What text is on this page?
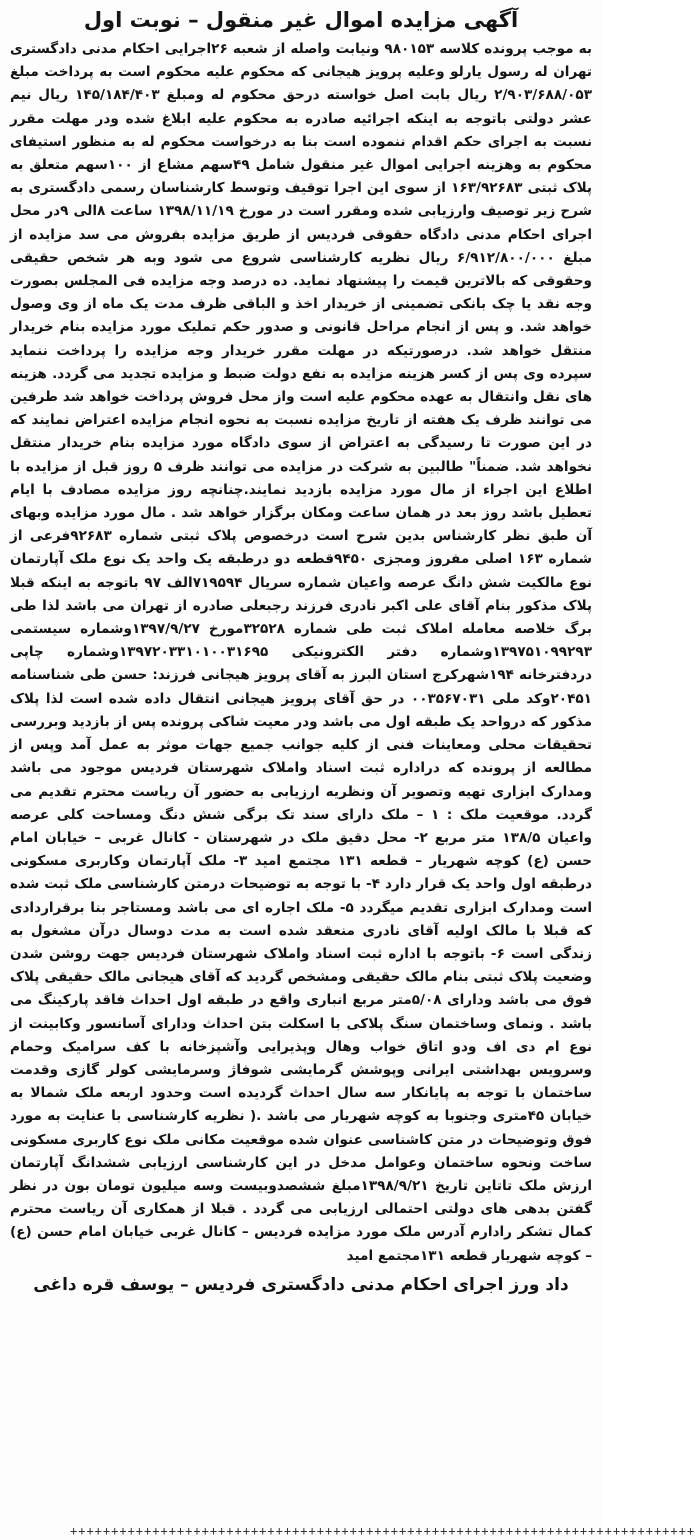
آگهی مزایده اموال غیر منقول – نوبت اول

به موجب پرونده کلاسه ۹۸۰۱۵۳ ونیابت واصله از شعبه ۲۶اجرایی احکام مدنی دادگستری تهران له رسول یارلو وعلیه پرویز هیجانی که محکوم علیه محکوم است به پرداخت مبلغ ۲/۹۰۳/۶۸۸/۰۵۳ ریال بابت اصل خواسته درحق محکوم له ومبلغ ۱۴۵/۱۸۴/۴۰۳ ریال نیم عشر دولتی باتوجه به اینکه اجرائیه صادره به محکوم علیه ابلاغ شده ودر مهلت مقرر نسبت به اجرای حکم اقدام ننموده است بنا به درخواست محکوم له به منظور استیفای محکوم به وهزینه اجرایی اموال غیر منقول شامل ۴۹سهم مشاع از ۱۰۰سهم متعلق به پلاک ثبتی ۱۶۳/۹۲۶۸۳ از سوی این اجرا توقیف وتوسط کارشناسان رسمی دادگستری به شرح زیر توصیف وارزیابی شده ومقرر است در مورخ ۱۳۹۸/۱۱/۱۹ ساعت ۸الی ۹در محل اجرای احکام مدنی دادگاه حقوقی فردیس از طریق مزایده بفروش می سد مزایده از مبلغ ۶/۹۱۲/۸۰۰/۰۰۰ ریال نظریه کارشناسی شروع می شود وبه هر شخص حقیقی وحقوقی که بالاترین قیمت را پیشنهاد نماید. ده درصد وجه مزایده فی المجلس بصورت وجه نقد یا چک بانکی تضمینی از خریدار اخذ و الباقی ظرف مدت یک ماه از وی وصول خواهد شد. و پس از انجام مراحل قانونی و صدور حکم تملیک مورد مزایده بنام خریدار منتقل خواهد شد. درصورتیکه در مهلت مقرر خریدار وجه مزایده را پرداخت ننماید سپرده وی پس از کسر هزینه مزایده به نفع دولت ضبط و مزایده تجدید می گردد. هزینه های نقل وانتقال به عهده محکوم علیه است واز محل فروش پرداخت خواهد شد طرفین می توانند ظرف یک هفته از تاریخ مزایده نسبت به نحوه انجام مزایده اعتراض نمایند که در این صورت تا رسیدگی به اعتراض از سوی دادگاه مورد مزایده بنام خریدار منتقل نخواهد شد. ضمناً" طالبین به شرکت در مزایده می توانند ظرف ۵ روز قبل از مزایده با اطلاع این اجراء از مال مورد مزایده بازدید نمایند.چنانچه روز مزایده مصادف با ایام تعطیل باشد روز بعد در همان ساعت ومکان برگزار خواهد شد . مال مورد مزایده وبهای آن طبق نظر کارشناس بدین شرح است درخصوص پلاک ثبتی شماره ۹۲۶۸۳فرعی از شماره ۱۶۳ اصلی مفروز ومجزی ۹۴۵۰قطعه دو درطبقه یک واحد یک نوع ملک آپارتمان نوع مالکیت شش دانگ عرصه واعیان شماره سریال ۷۱۹۵۹۴الف ۹۷ باتوجه به اینکه قبلا پلاک مذکور بنام آقای علی اکبر نادری فرزند رجبعلی صادره از تهران می باشد لذا طی برگ خلاصه معامله املاک ثبت طی شماره ۳۲۵۲۸مورخ ۱۳۹۷/۹/۲۷وشماره سیستمی ۱۳۹۷۵۱۰۹۹۲۹۳وشماره دفتر الکترونیکی ۱۳۹۷۲۰۳۳۱۰۱۰۰۳۱۶۹۵وشماره چاپی دردفترخانه ۱۹۴شهرکرج استان البرز به آقای پرویز هیجانی فرزند: حسن طی شناسنامه ۲۰۴۵۱وکد ملی ۰۰۳۵۶۷۰۳۱ در حق آقای پرویز هیجانی انتقال داده شده است لذا پلاک مذکور که درواحد یک طبقه اول می باشد ودر معیت شاکی پرونده پس از بازدید وبررسی تحقیقات محلی ومعاینات فنی از کلیه جوانب جمیع جهات موثر به عمل آمد وپس از مطالعه از پرونده که دراداره ثبت اسناد واملاک شهرستان فردیس موجود می باشد ومدارک ابزاری تهیه وتصویر آن ونظریه ارزیابی به حضور آن ریاست محترم تقدیم می گردد. موقعیت ملک : ۱ – ملک دارای سند تک برگی شش دنگ ومساحت کلی عرصه واعیان ۱۳۸/۵ متر مربع ۲- محل دقیق ملک در شهرستان - کانال غربی – خیابان امام حسن (ع) کوچه شهریار – قطعه ۱۳۱ مجتمع امید ۳- ملک آپارتمان وکاربری مسکونی درطبقه اول واحد یک قرار دارد ۴- با توجه به توضیحات درمتن کارشناسی ملک ثبت شده است ومدارک ابزاری تقدیم میگردد ۵- ملک اجاره ای می باشد ومستاجر بنا برقراردادی که قبلا با مالک اولیه آقای نادری منعقد شده است به مدت دوسال درآن مشغول به زندگی است ۶- باتوجه با اداره ثبت اسناد واملاک شهرستان فردیس جهت روشن شدن وضعیت پلاک ثبتی بنام مالک حقیقی ومشخص گردید که آقای هیجانی مالک حقیقی پلاک فوق می باشد ودارای ۵/۰۸متر مربع انباری واقع در طبقه اول احداث فاقد پارکینگ می باشد . ونمای وساختمان سنگ پلاکی با اسکلت بتن احداث ودارای آسانسور وکابینت از نوع ام دی اف ودو اتاق خواب وهال وپذیرایی وآشپزخانه با کف سرامیک وحمام وسرویس بهداشتی ایرانی وپوشش گرمایشی شوفاژ وسرمایشی کولر گازی وقدمت ساختمان با توجه به پایانکار سه سال احداث گردیده است وحدود اربعه ملک شمالا به خیابان ۴۵متری وجنوبا به کوچه شهریار می باشد .( نظریه کارشناسی با عنایت به مورد فوق وتوضیحات در متن کاشناسی عنوان شده موقعیت مکانی ملک نوع کاربری مسکونی ساخت ونحوه ساختمان وعوامل مدخل در این کارشناسی ارزیابی ششدانگ آپارتمان ارزش ملک تاتاین تاریخ ۱۳۹۸/۹/۲۱مبلغ ششصدوبیست وسه میلیون تومان بون در نظر گفتن بدهی های دولتی احتمالی ارزیابی می گردد . قبلا از همکاری آن ریاست محترم کمال تشکر رادارم آدرس ملک مورد مزایده فردیس – کانال غربی خیابان امام حسن (ع) – کوچه شهریار قطعه ۱۳۱مجتمع امید

داد ورز اجرای احکام مدنی دادگستری فردیس – یوسف قره داغی
++++++++++++++++++++++++++++++++++++++++++++++++++++++++++++++++++++++++++++
